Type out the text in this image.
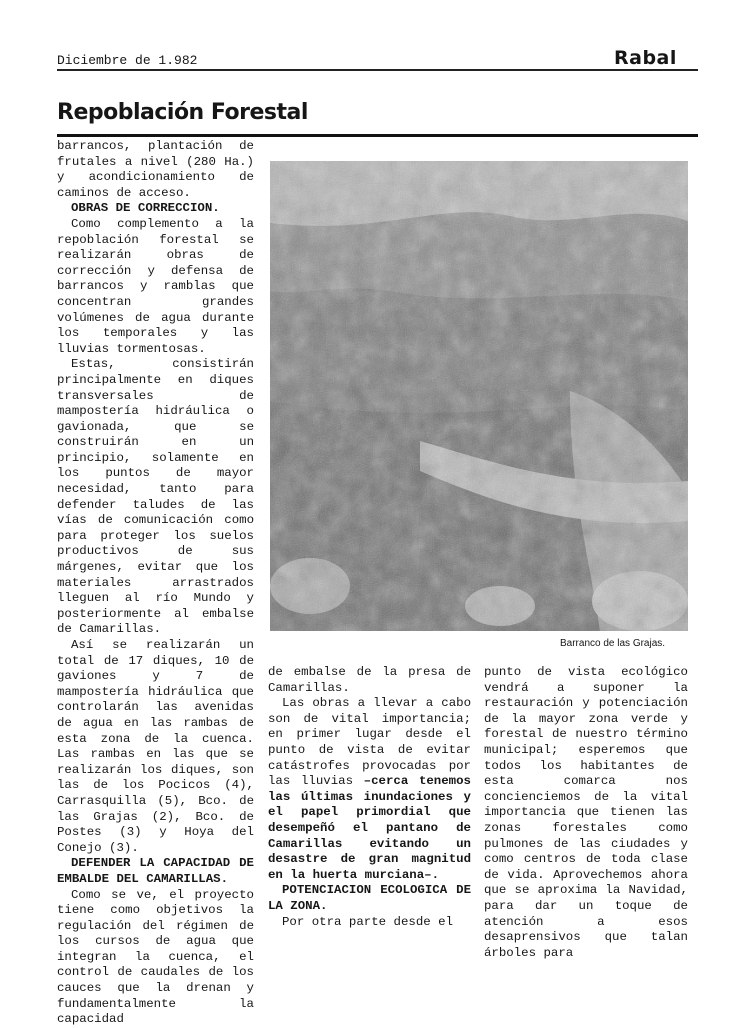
Diciembre de 1.982	Rabal
Repoblación Forestal

barrancos, plantación de frutales a nivel (280 Ha.) y acondicionamiento de caminos de acceso.

OBRAS DE CORRECCION.

Como complemento a la repoblación forestal se realizarán obras de corrección y defensa de barrancos y ramblas que concentran grandes volúmenes de agua durante los temporales y las lluvias tormentosas.

Estas, consistirán principalmente en diques transversales de mampostería hidráulica o gavionada, que se construirán en un principio, solamente en los puntos de mayor necesidad, tanto para defender taludes de las vías de comunicación como para proteger los suelos productivos de sus márgenes, evitar que los materiales arrastrados lleguen al río Mundo y posteriormente al embalse de Camarillas.

Así se realizarán un total de 17 diques, 10 de gaviones y 7 de mampostería hidráulica que controlarán las avenidas de agua en las rambas de esta zona de la cuenca. Las rambas en las que se realizarán los diques, son las de los Pocicos (4), Carrasquilla (5), Bco. de las Grajas (2), Bco. de Postes (3) y Hoya del Conejo (3).

DEFENDER LA CAPACIDAD DE EMBALDE DEL CAMARILLAS.

Como se ve, el proyecto tiene como objetivos la regulación del régimen de los cursos de agua que integran la cuenca, el control de caudales de los cauces que la drenan y fundamentalmente la capacidad

Barranco de las Grajas.

de embalse de la presa de Camarillas.

Las obras a llevar a cabo son de vital importancia; en primer lugar desde el punto de vista de evitar catástrofes provocadas por las lluvias –cerca tenemos las últimas inundaciones y el papel primordial que desempeñó el pantano de Camarillas evitando un desastre de gran magnitud en la huerta murciana–.

POTENCIACION ECOLOGICA DE LA ZONA.

Por otra parte desde el

punto de vista ecológico vendrá a suponer la restauración y potenciación de la mayor zona verde y forestal de nuestro término municipal; esperemos que todos los habitantes de esta comarca nos concienciemos de la vital importancia que tienen las zonas forestales como pulmones de las ciudades y como centros de toda clase de vida. Aprovechemos ahora que se aproxima la Navidad, para dar un toque de atención a esos desaprensivos que talan árboles para
